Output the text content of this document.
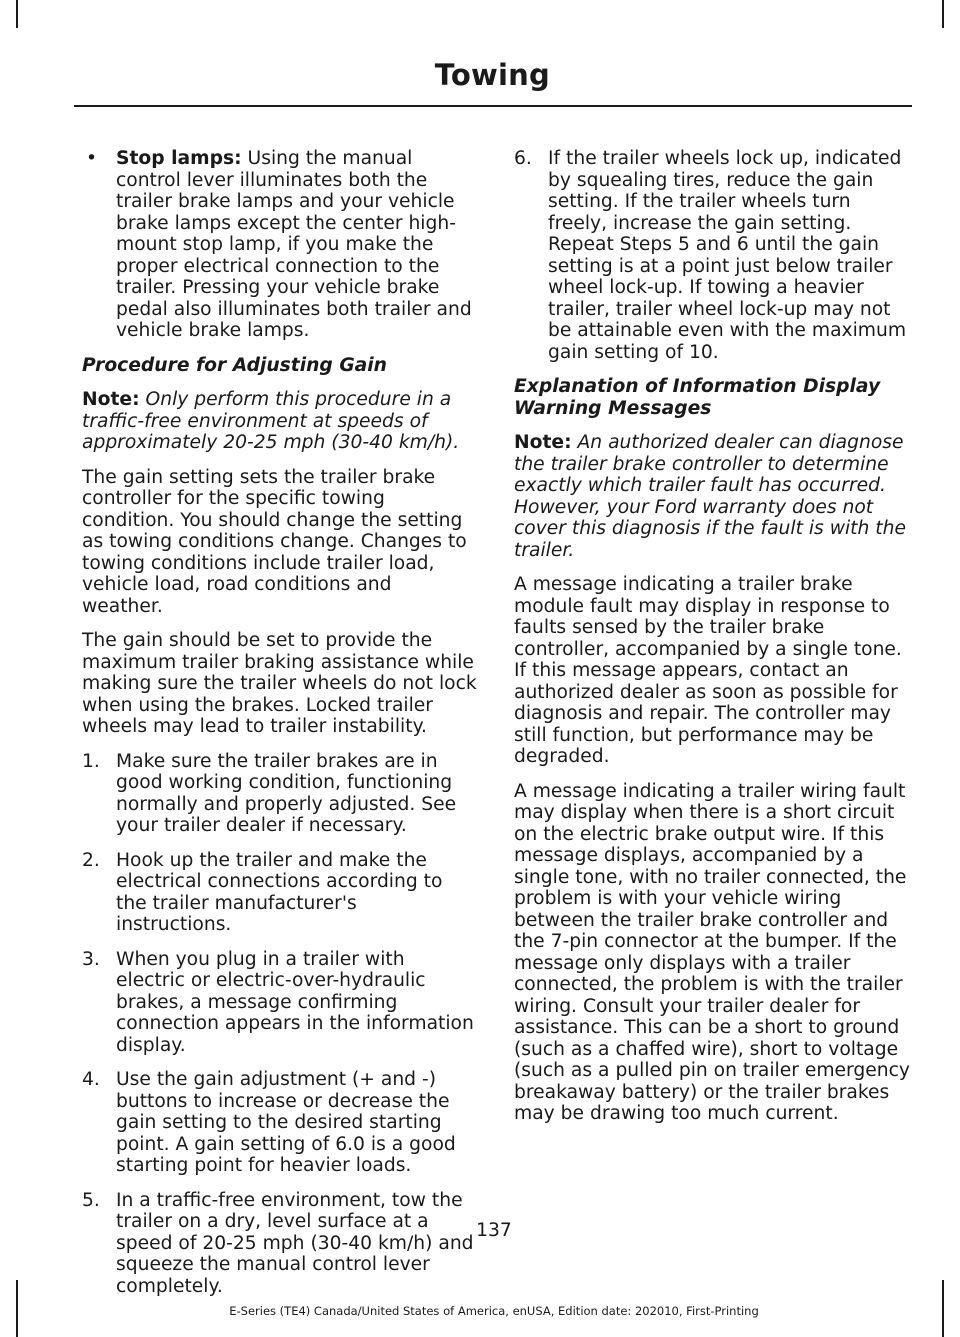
Towing
• Stop lamps: Using the manual control lever illuminates both the trailer brake lamps and your vehicle brake lamps except the center high-mount stop lamp, if you make the proper electrical connection to the trailer. Pressing your vehicle brake pedal also illuminates both trailer and vehicle brake lamps.

Procedure for Adjusting Gain

Note: Only perform this procedure in a traffic-free environment at speeds of approximately 20-25 mph (30-40 km/h).

The gain setting sets the trailer brake controller for the specific towing condition. You should change the setting as towing conditions change. Changes to towing conditions include trailer load, vehicle load, road conditions and weather.

The gain should be set to provide the maximum trailer braking assistance while making sure the trailer wheels do not lock when using the brakes. Locked trailer wheels may lead to trailer instability.

1. Make sure the trailer brakes are in good working condition, functioning normally and properly adjusted. See your trailer dealer if necessary.
2. Hook up the trailer and make the electrical connections according to the trailer manufacturer's instructions.
3. When you plug in a trailer with electric or electric-over-hydraulic brakes, a message confirming connection appears in the information display.
4. Use the gain adjustment (+ and -) buttons to increase or decrease the gain setting to the desired starting point. A gain setting of 6.0 is a good starting point for heavier loads.
5. In a traffic-free environment, tow the trailer on a dry, level surface at a speed of 20-25 mph (30-40 km/h) and squeeze the manual control lever completely.
6. If the trailer wheels lock up, indicated by squealing tires, reduce the gain setting. If the trailer wheels turn freely, increase the gain setting. Repeat Steps 5 and 6 until the gain setting is at a point just below trailer wheel lock-up. If towing a heavier trailer, trailer wheel lock-up may not be attainable even with the maximum gain setting of 10.

Explanation of Information Display Warning Messages

Note: An authorized dealer can diagnose the trailer brake controller to determine exactly which trailer fault has occurred. However, your Ford warranty does not cover this diagnosis if the fault is with the trailer.

A message indicating a trailer brake module fault may display in response to faults sensed by the trailer brake controller, accompanied by a single tone. If this message appears, contact an authorized dealer as soon as possible for diagnosis and repair. The controller may still function, but performance may be degraded.

A message indicating a trailer wiring fault may display when there is a short circuit on the electric brake output wire. If this message displays, accompanied by a single tone, with no trailer connected, the problem is with your vehicle wiring between the trailer brake controller and the 7-pin connector at the bumper. If the message only displays with a trailer connected, the problem is with the trailer wiring. Consult your trailer dealer for assistance. This can be a short to ground (such as a chaffed wire), short to voltage (such as a pulled pin on trailer emergency breakaway battery) or the trailer brakes may be drawing too much current.

137
E-Series (TE4) Canada/United States of America, enUSA, Edition date: 202010, First-Printing
